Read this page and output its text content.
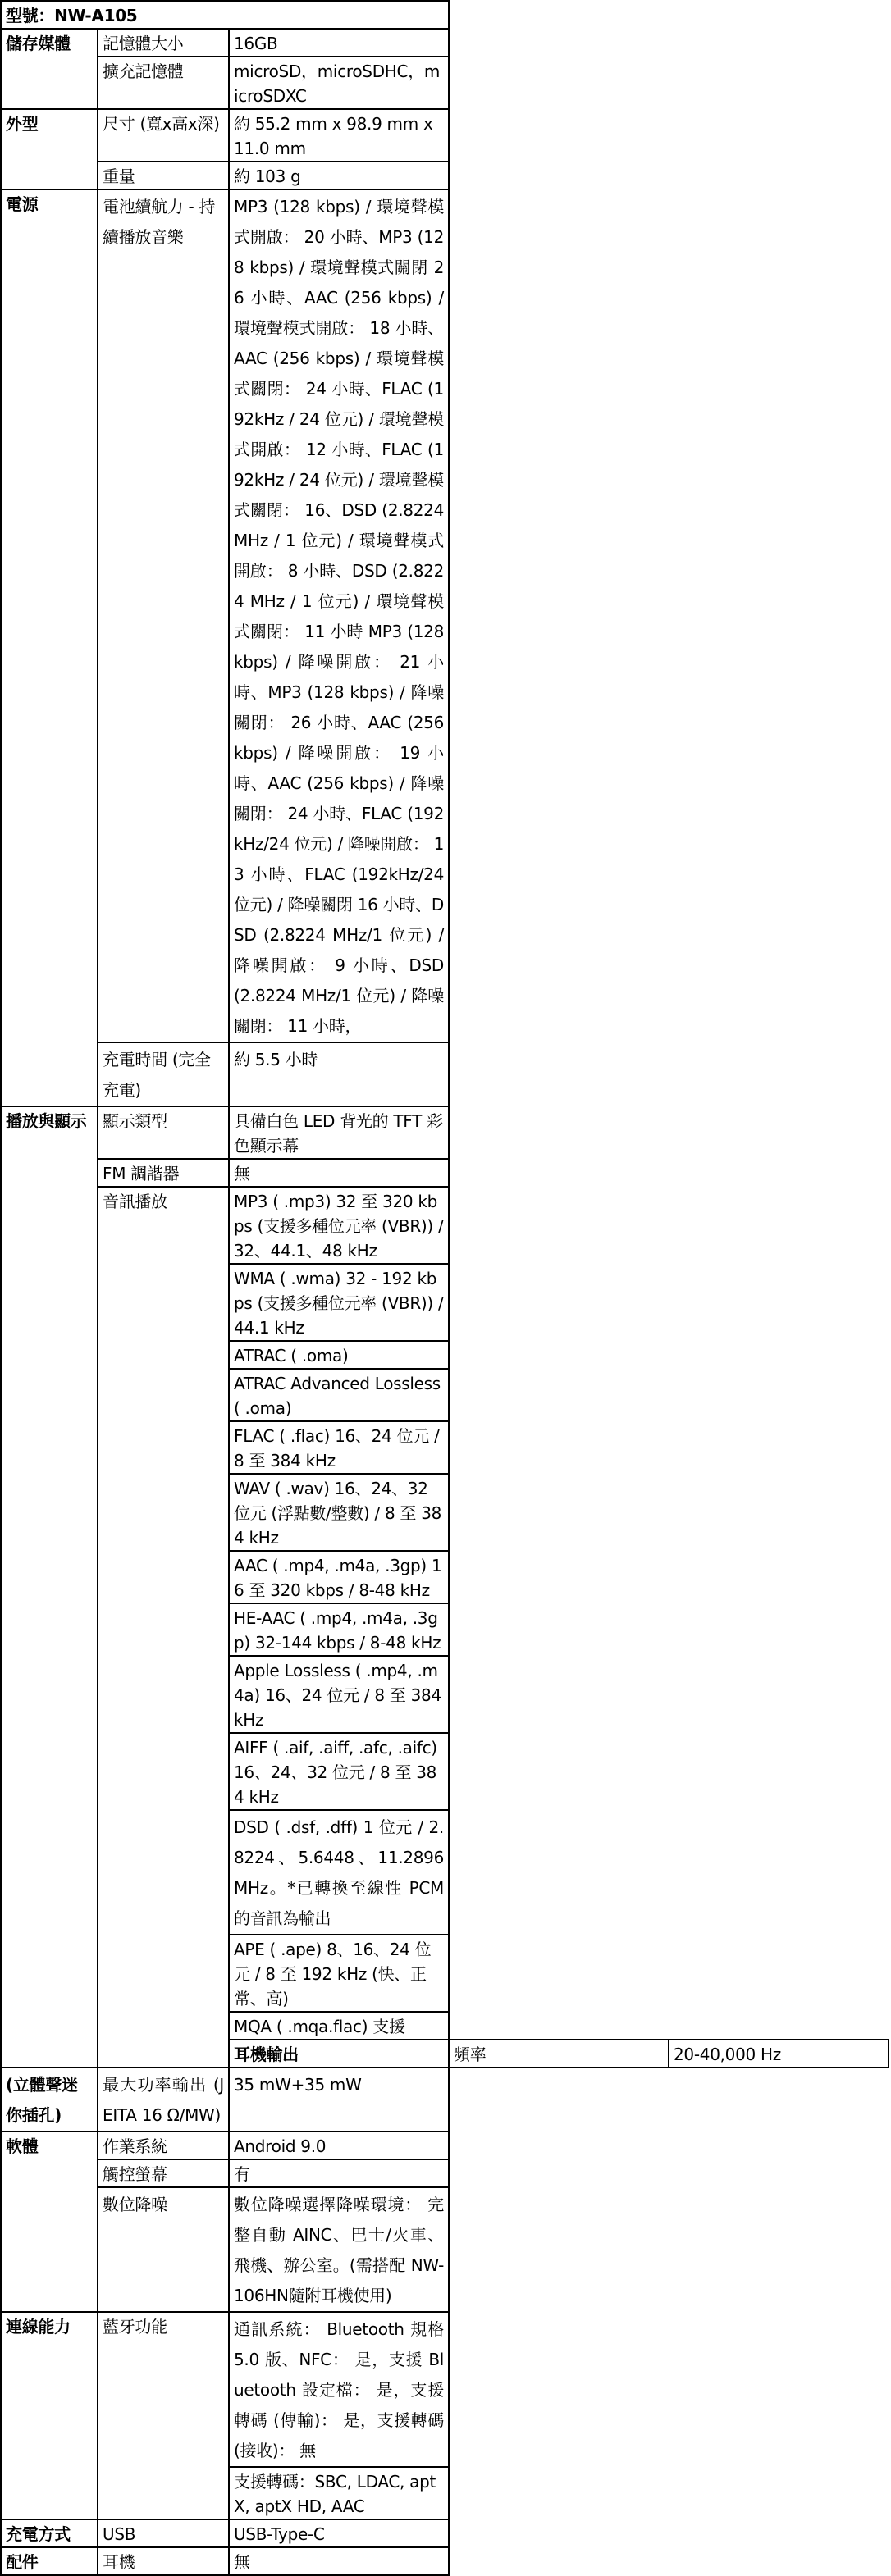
型號：NW-A105				
儲存媒體	記憶體大小	16GB		
	擴充記憶體	microSD，microSDHC，microSDXC		
外型	尺寸 (寬x高x深)	約 55.2 mm x 98.9 mm x 11.0 mm		
	重量	約 103 g		
電源	電池續航力 - 持續播放音樂	MP3 (128 kbps) / 環境聲模式開啟： 20 小時、MP3 (128 kbps) / 環境聲模式關閉 26 小時、AAC (256 kbps) / 環境聲模式開啟： 18 小時、AAC (256 kbps) / 環境聲模式關閉： 24 小時、FLAC (192kHz / 24 位元) / 環境聲模式開啟： 12 小時、FLAC (192kHz / 24 位元) / 環境聲模式關閉： 16、DSD (2.8224 MHz / 1 位元) / 環境聲模式開啟： 8 小時、DSD (2.8224 MHz / 1 位元) / 環境聲模式關閉： 11 小時 MP3 (128 kbps) / 降噪開啟： 21 小時、MP3 (128 kbps) / 降噪關閉： 26 小時、AAC (256 kbps) / 降噪開啟： 19 小時、AAC (256 kbps) / 降噪關閉： 24 小時、FLAC (192kHz/24 位元) / 降噪開啟： 13 小時、FLAC (192kHz/24 位元) / 降噪關閉 16 小時、DSD (2.8224 MHz/1 位元) / 降噪開啟： 9 小時、DSD (2.8224 MHz/1 位元) / 降噪關閉： 11 小時，		
	充電時間 (完全充電)	約 5.5 小時		
播放與顯示	顯示類型	具備白色 LED 背光的 TFT 彩色顯示幕		
	FM 調諧器	無		
	音訊播放	MP3 ( .mp3) 32 至 320 kbps (支援多種位元率 (VBR)) / 32、44.1、48 kHz		
		WMA ( .wma) 32 - 192 kbps (支援多種位元率 (VBR)) / 44.1 kHz		
		ATRAC ( .oma)		
		ATRAC Advanced Lossless ( .oma)		
		FLAC ( .flac) 16、24 位元 / 8 至 384 kHz		
		WAV ( .wav) 16、24、32 位元 (浮點數/整數) / 8 至 384 kHz		
		AAC ( .mp4, .m4a, .3gp) 16 至 320 kbps / 8-48 kHz		
		HE-AAC ( .mp4, .m4a, .3gp) 32-144 kbps / 8-48 kHz		
		Apple Lossless ( .mp4, .m4a) 16、24 位元 / 8 至 384 kHz		
		AIFF ( .aif, .aiff, .afc, .aifc) 16、24、32 位元 / 8 至 384 kHz		
		DSD ( .dsf, .dff) 1 位元 / 2.8224、5.6448、11.2896 MHz。*已轉換至線性 PCM 的音訊為輸出		
		APE ( .ape) 8、16、24 位元 / 8 至 192 kHz (快、正常、高)		
		MQA ( .mqa.flac) 支援		
		耳機輸出	頻率	20-40,000 Hz
(立體聲迷你插孔)	最大功率輸出 (JEITA 16 Ω/MW)	35 mW+35 mW		
軟體	作業系統	Android 9.0		
	觸控螢幕	有		
	數位降噪	數位降噪選擇降噪環境： 完整自動 AINC、巴士/火車、飛機、辦公室。(需搭配 NW-106HN隨附耳機使用)		
連線能力	藍牙功能	通訊系統： Bluetooth 規格 5.0 版、NFC： 是，支援 Bluetooth 設定檔： 是，支援轉碼 (傳輸)： 是，支援轉碼 (接收)： 無		
		支援轉碼：SBC, LDAC, aptX, aptX HD, AAC		
充電方式	USB	USB-Type-C		
配件	耳機	無		
